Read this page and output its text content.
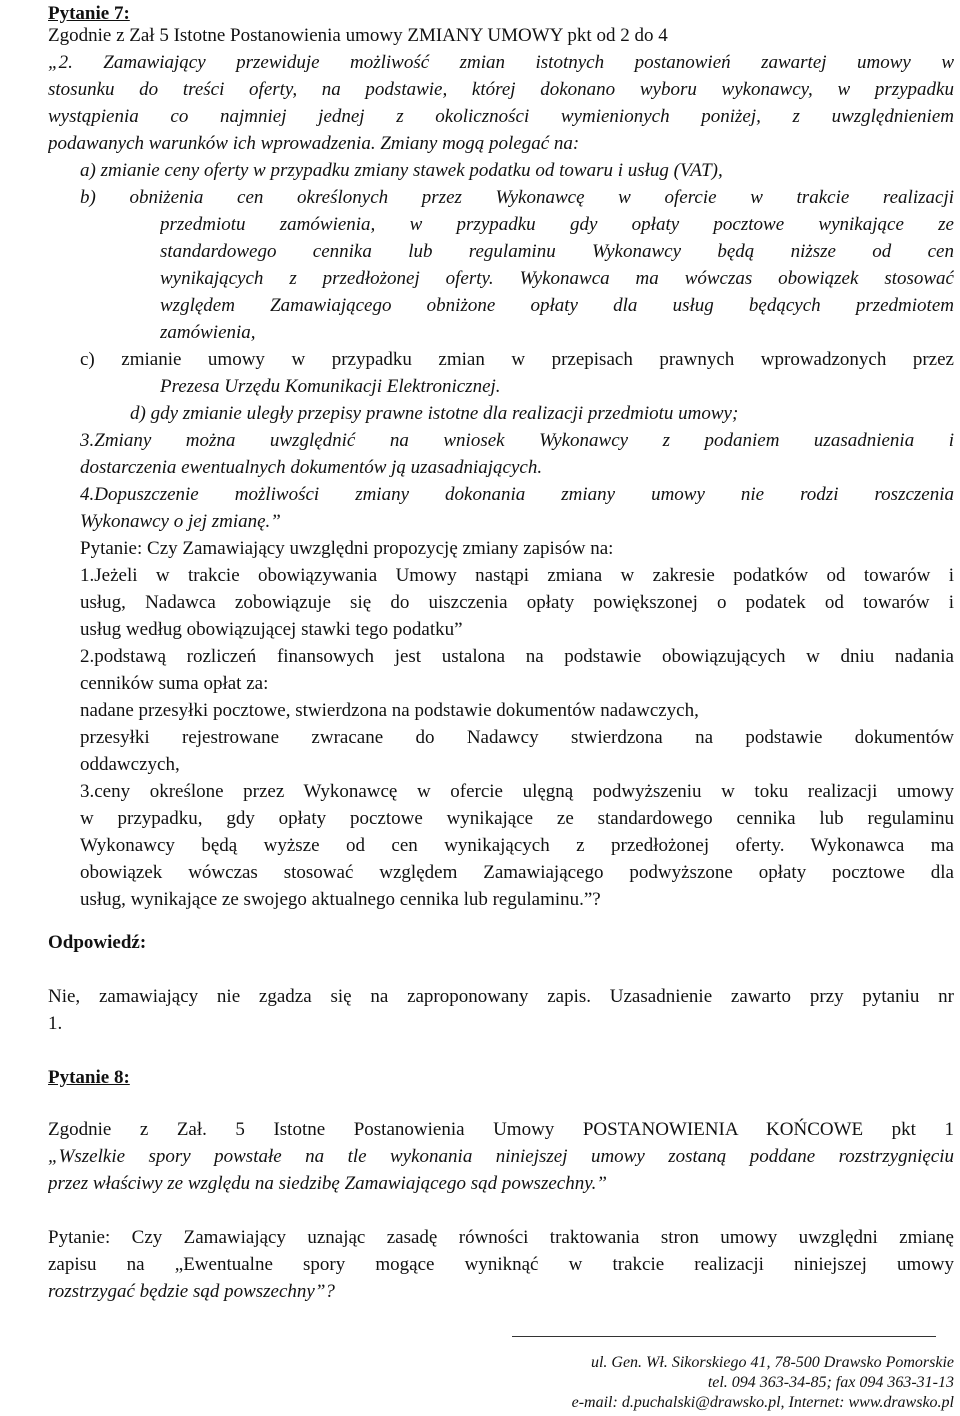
Pytanie 7:
Zgodnie z Zał 5 Istotne Postanowienia umowy ZMIANY UMOWY pkt od 2 do 4
„2. Zamawiający przewiduje możliwość zmian istotnych postanowień zawartej umowy w
stosunku do treści oferty, na podstawie, której dokonano wyboru wykonawcy, w przypadku
wystąpienia co najmniej jednej z okoliczności wymienionych poniżej, z uwzględnieniem
podawanych warunków ich wprowadzenia. Zmiany mogą polegać na:
a) zmianie ceny oferty w przypadku zmiany stawek podatku od towaru i usług (VAT),
b) obniżenia cen określonych przez Wykonawcę w ofercie w trakcie realizacji
przedmiotu zamówienia, w przypadku gdy opłaty pocztowe wynikające ze
standardowego cennika lub regulaminu Wykonawcy będą niższe od cen
wynikających z przedłożonej oferty. Wykonawca ma wówczas obowiązek stosować
względem Zamawiającego obniżone opłaty dla usług będących przedmiotem
zamówienia,
c) zmianie umowy w przypadku zmian w przepisach prawnych wprowadzonych przez
Prezesa Urzędu Komunikacji Elektronicznej.
d) gdy zmianie uległy przepisy prawne istotne dla realizacji przedmiotu umowy;
3.Zmiany można uwzględnić na wniosek Wykonawcy z podaniem uzasadnienia i
dostarczenia ewentualnych dokumentów ją uzasadniających.
4.Dopuszczenie możliwości zmiany dokonania zmiany umowy nie rodzi roszczenia
Wykonawcy o jej zmianę.”
Pytanie: Czy Zamawiający uwzględni propozycję zmiany zapisów na:
1.Jeżeli w trakcie obowiązywania Umowy nastąpi zmiana w zakresie podatków od towarów i
usług, Nadawca zobowiązuje się do uiszczenia opłaty powiększonej o podatek od towarów i
usług według obowiązującej stawki tego podatku”
2.podstawą rozliczeń finansowych jest ustalona na podstawie obowiązujących w dniu nadania
cenników suma opłat za:
nadane przesyłki pocztowe, stwierdzona na podstawie dokumentów nadawczych,
przesyłki rejestrowane zwracane do Nadawcy stwierdzona na podstawie dokumentów
oddawczych,
3.ceny określone przez Wykonawcę w ofercie ulęgną podwyższeniu w toku realizacji umowy
w przypadku, gdy opłaty pocztowe wynikające ze standardowego cennika lub regulaminu
Wykonawcy będą wyższe od cen wynikających z przedłożonej oferty. Wykonawca ma
obowiązek wówczas stosować względem Zamawiającego podwyższone opłaty pocztowe dla
usług, wynikające ze swojego aktualnego cennika lub regulaminu.”?
Odpowiedź:
Nie, zamawiający nie zgadza się na zaproponowany zapis. Uzasadnienie zawarto przy pytaniu nr
1.
Pytanie 8:
Zgodnie z Zał. 5 Istotne Postanowienia Umowy POSTANOWIENIA KOŃCOWE pkt 1
„Wszelkie spory powstałe na tle wykonania niniejszej umowy zostaną poddane rozstrzygnięciu
przez właściwy ze względu na siedzibę Zamawiającego sąd powszechny.”
Pytanie: Czy Zamawiający uznając zasadę równości traktowania stron umowy uwzględni zmianę
zapisu na „Ewentualne spory mogące wyniknąć w trakcie realizacji niniejszej umowy
rozstrzygać będzie sąd powszechny”?
ul. Gen. Wł. Sikorskiego 41, 78-500 Drawsko Pomorskie
tel. 094 363-34-85; fax 094 363-31-13
e-mail: d.puchalski@drawsko.pl, Internet: www.drawsko.pl
